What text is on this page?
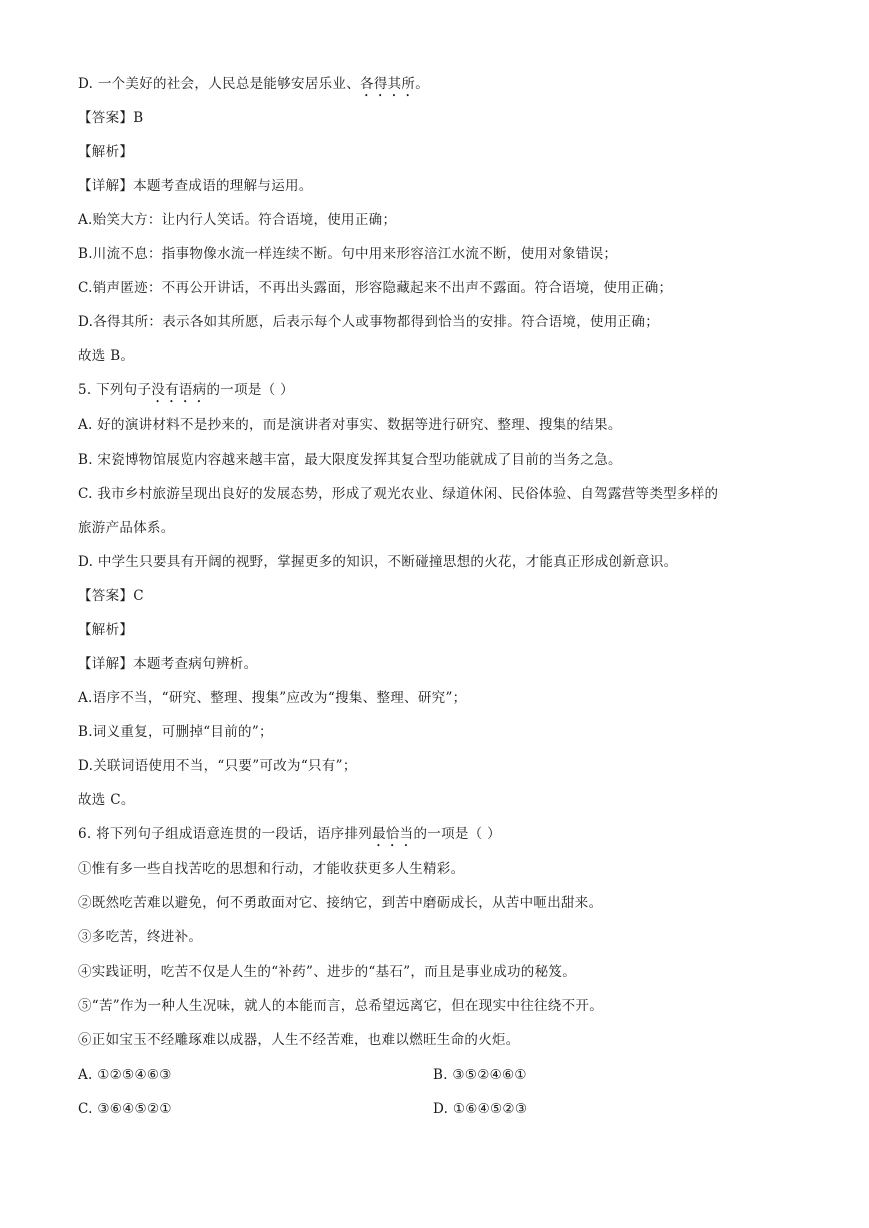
D. 一个美好的社会，人民总是能够安居乐业、各得其所。
【答案】B
【解析】
【详解】本题考查成语的理解与运用。
A.贻笑大方：让内行人笑话。符合语境，使用正确；
B.川流不息：指事物像水流一样连续不断。句中用来形容涪江水流不断，使用对象错误；
C.销声匿迹：不再公开讲话，不再出头露面，形容隐藏起来不出声不露面。符合语境，使用正确；
D.各得其所：表示各如其所愿，后表示每个人或事物都得到恰当的安排。符合语境，使用正确；
故选 B。
5. 下列句子没有语病的一项是（ ）
A. 好的演讲材料不是抄来的，而是演讲者对事实、数据等进行研究、整理、搜集的结果。
B. 宋瓷博物馆展览内容越来越丰富，最大限度发挥其复合型功能就成了目前的当务之急。
C. 我市乡村旅游呈现出良好的发展态势，形成了观光农业、绿道休闲、民俗体验、自驾露营等类型多样的
旅游产品体系。
D. 中学生只要具有开阔的视野，掌握更多的知识，不断碰撞思想的火花，才能真正形成创新意识。
【答案】C
【解析】
【详解】本题考查病句辨析。
A.语序不当，“研究、整理、搜集”应改为“搜集、整理、研究”；
B.词义重复，可删掉“目前的”；
D.关联词语使用不当，“只要”可改为“只有”；
故选 C。
6. 将下列句子组成语意连贯的一段话，语序排列最恰当的一项是（ ）
①惟有多一些自找苦吃的思想和行动，才能收获更多人生精彩。
②既然吃苦难以避免，何不勇敢面对它、接纳它，到苦中磨砺成长，从苦中咂出甜来。
③多吃苦，终进补。
④实践证明，吃苦不仅是人生的“补药”、进步的“基石”，而且是事业成功的秘笈。
⑤“苦”作为一种人生况味，就人的本能而言，总希望远离它，但在现实中往往绕不开。
⑥正如宝玉不经雕琢难以成器，人生不经苦难，也难以燃旺生命的火炬。
A. ①②⑤④⑥③	B. ③⑤②④⑥①
C. ③⑥④⑤②①	D. ①⑥④⑤②③
